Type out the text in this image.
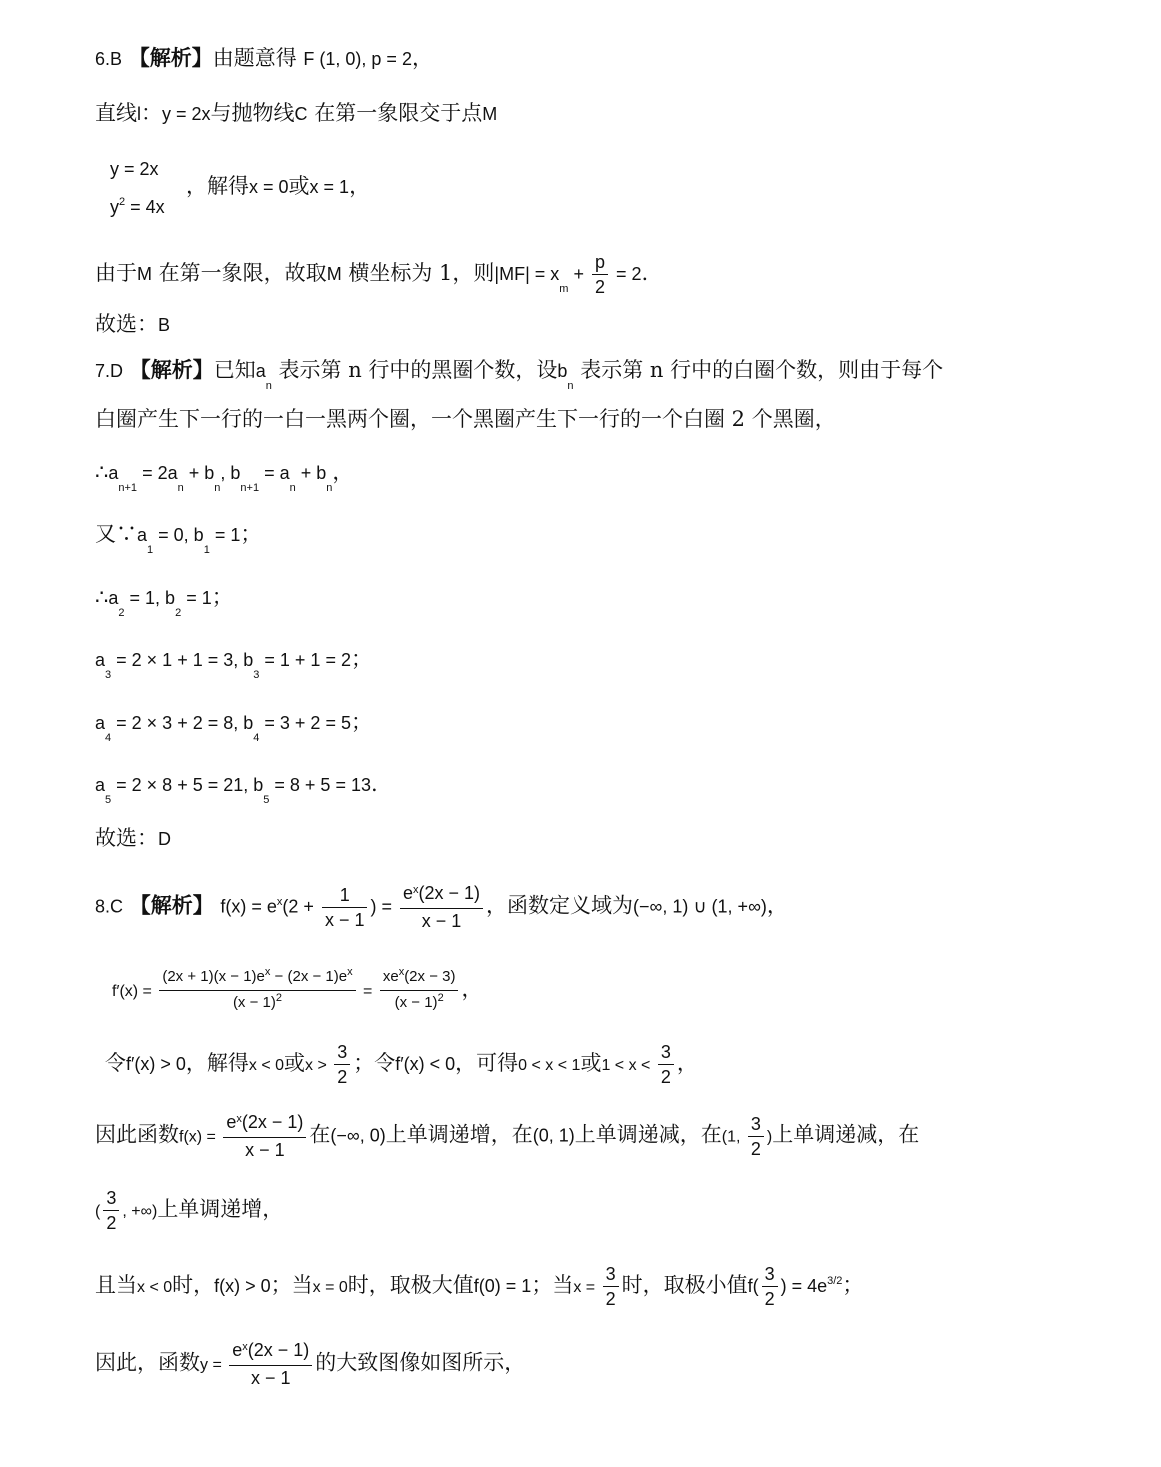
6.B 【解析】由题意得 F (1, 0), p = 2，
直线l：y = 2x与抛物线C 在第一象限交于点M
y = 2x
$y^2 = 4x$
，解得x = 0或x = 1，
由于M 在第一象限，故取M 横坐标为 1，则$|MF| = x_m + \frac{p}{2} = 2$.
故选：B
7.D 【解析】已知$a_n$ 表示第 n 行中的黑圈个数，设$b_n$ 表示第 n 行中的白圈个数，则由于每个
白圈产生下一行的一白一黑两个圈，一个黑圈产生下一行的一个白圈 2 个黑圈，
$\therefore a_{n+1} = 2a_n + b_n$, $b_{n+1} = a_n + b_n$，
又$\because a_1 = 0$, $b_1 = 1$；
$\therefore a_2 = 1$, $b_2 = 1$；
$a_3 = 2 \times 1 + 1 = 3$, $b_3 = 1 + 1 = 2$；
$a_4 = 2 \times 3 + 2 = 8$, $b_4 = 3 + 2 = 5$；
$a_5 = 2 \times 8 + 5 = 21$, $b_5 = 8 + 5 = 13$.
故选：D
8.C 【解析】 $f(x) = e^x(2 + \frac{1}{x - 1}$ ) = $\frac{e^x(2x - 1)}{x - 1}$ ，函数定义域为(−∞, 1) ∪ (1, +∞)，
$f'(x) = \frac{(2x + 1)(x - 1)e^x - (2x - 1)e^x}{(x - 1)^2} = \frac{xe^x(2x - 3)}{(x - 1)^2}$ ，
令f′(x) > 0，解得x < 0或$x > \frac{3}{2}$ ；令f′(x) < 0，可得0 < x < 1或$1 < x < \frac{3}{2}$ ，
因此函数$f(x) = \frac{e^x(2x - 1)}{x - 1}$ 在(−∞, 0)上单调递增，在(0, 1)上单调递减，在(1, $\frac{3}{2}$ )上单调递减，在
( $\frac{3}{2}$ , +∞)上单调递增，
且当x < 0时，f(x) > 0；当x = 0时，取极大值f(0) = 1；当$x = \frac{3}{2}$ 时，取极小值$f( \frac{3}{2}$ ) = $4e^{3/2}$；
因此，函数$y = \frac{e^x(2x - 1)}{x - 1}$ 的大致图像如图所示，
